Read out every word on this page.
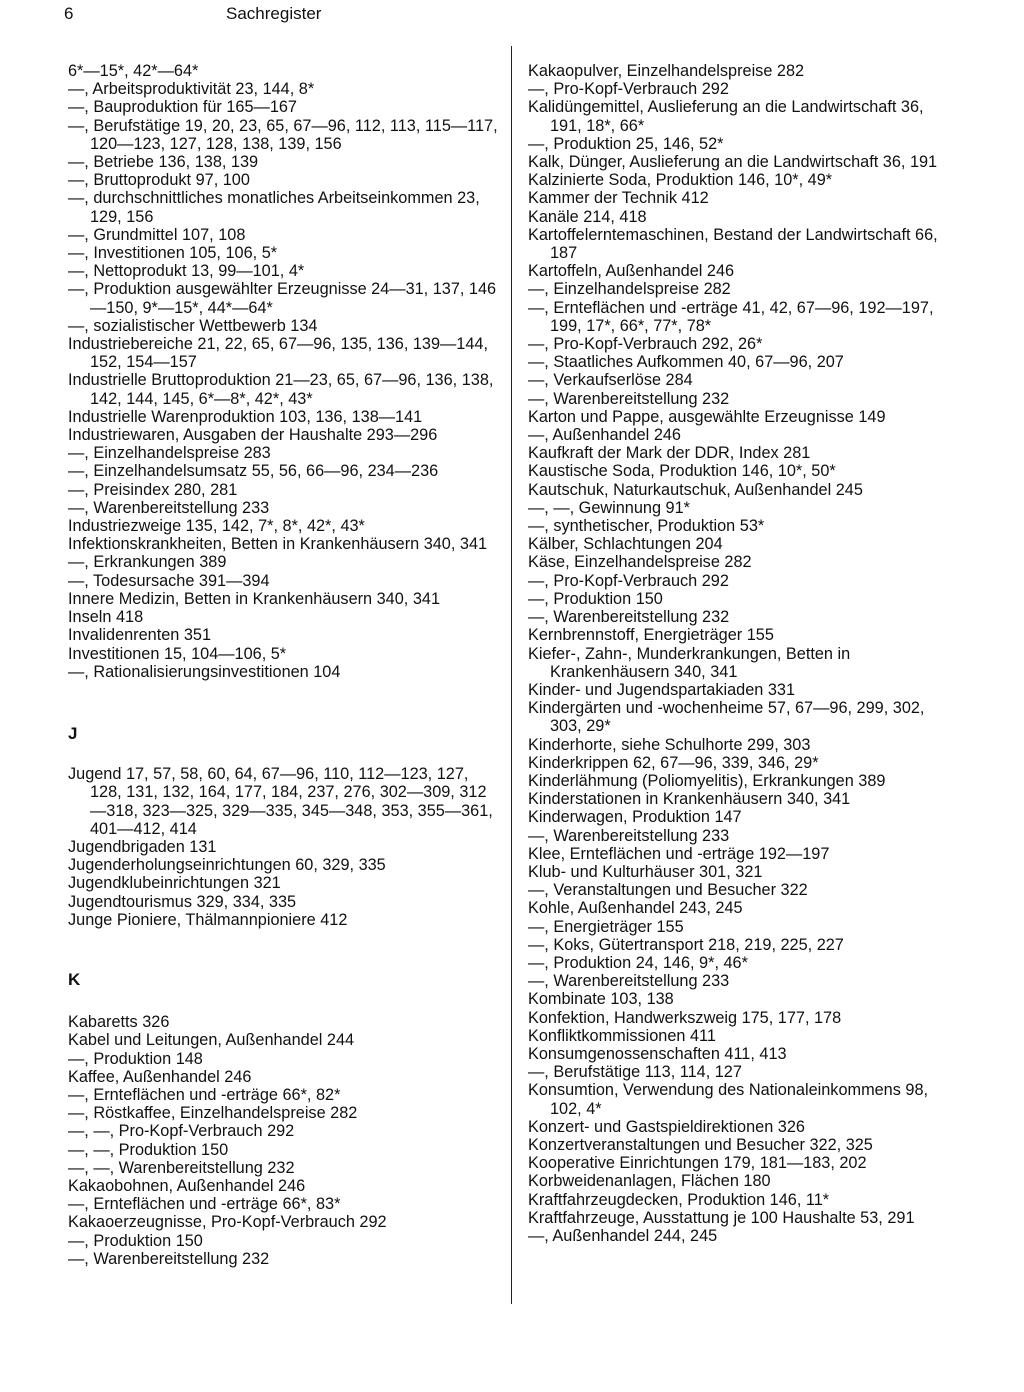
6	Sachregister
6*—15*, 42*—64*
—, Arbeitsproduktivität 23, 144, 8*
—, Bauproduktion für 165—167
—, Berufstätige 19, 20, 23, 65, 67—96, 112, 113, 115—117, 120—123, 127, 128, 138, 139, 156
—, Betriebe 136, 138, 139
—, Bruttoprodukt 97, 100
—, durchschnittliches monatliches Arbeitseinkommen 23, 129, 156
—, Grundmittel 107, 108
—, Investitionen 105, 106, 5*
—, Nettoprodukt 13, 99—101, 4*
—, Produktion ausgewählter Erzeugnisse 24—31, 137, 146—150, 9*—15*, 44*—64*
—, sozialistischer Wettbewerb 134
Industriebereiche 21, 22, 65, 67—96, 135, 136, 139—144, 152, 154—157
Industrielle Bruttoproduktion 21—23, 65, 67—96, 136, 138, 142, 144, 145, 6*—8*, 42*, 43*
Industrielle Warenproduktion 103, 136, 138—141
Industriewaren, Ausgaben der Haushalte 293—296
—, Einzelhandelspreise 283
—, Einzelhandelsumsatz 55, 56, 66—96, 234—236
—, Preisindex 280, 281
—, Warenbereitstellung 233
Industriezweige 135, 142, 7*, 8*, 42*, 43*
Infektionskrankheiten, Betten in Krankenhäusern 340, 341
—, Erkrankungen 389
—, Todesursache 391—394
Innere Medizin, Betten in Krankenhäusern 340, 341
Inseln 418
Invalidenrenten 351
Investitionen 15, 104—106, 5*
—, Rationalisierungsinvestitionen 104
J
Jugend 17, 57, 58, 60, 64, 67—96, 110, 112—123, 127, 128, 131, 132, 164, 177, 184, 237, 276, 302—309, 312—318, 323—325, 329—335, 345—348, 353, 355—361, 401—412, 414
Jugendbrigaden 131
Jugenderholungseinrichtungen 60, 329, 335
Jugendklubeinrichtungen 321
Jugendtourismus 329, 334, 335
Junge Pioniere, Thälmannpioniere 412
K
Kabaretts 326
Kabel und Leitungen, Außenhandel 244
—, Produktion 148
Kaffee, Außenhandel 246
—, Ernteflächen und -erträge 66*, 82*
—, Röstkaffee, Einzelhandelspreise 282
—, —, Pro-Kopf-Verbrauch 292
—, —, Produktion 150
—, —, Warenbereitstellung 232
Kakaobohnen, Außenhandel 246
—, Ernteflächen und -erträge 66*, 83*
Kakaoerzeugnisse, Pro-Kopf-Verbrauch 292
—, Produktion 150
—, Warenbereitstellung 232
Kakaopulver, Einzelhandelspreise 282
—, Pro-Kopf-Verbrauch 292
Kalidüngemittel, Auslieferung an die Landwirtschaft 36, 191, 18*, 66*
—, Produktion 25, 146, 52*
Kalk, Dünger, Auslieferung an die Landwirtschaft 36, 191
Kalzinierte Soda, Produktion 146, 10*, 49*
Kammer der Technik 412
Kanäle 214, 418
Kartoffelerntemaschinen, Bestand der Landwirtschaft 66, 187
Kartoffeln, Außenhandel 246
—, Einzelhandelspreise 282
—, Ernteflächen und -erträge 41, 42, 67—96, 192—197, 199, 17*, 66*, 77*, 78*
—, Pro-Kopf-Verbrauch 292, 26*
—, Staatliches Aufkommen 40, 67—96, 207
—, Verkaufserlöse 284
—, Warenbereitstellung 232
Karton und Pappe, ausgewählte Erzeugnisse 149
—, Außenhandel 246
Kaufkraft der Mark der DDR, Index 281
Kaustische Soda, Produktion 146, 10*, 50*
Kautschuk, Naturkautschuk, Außenhandel 245
—, —, Gewinnung 91*
—, synthetischer, Produktion 53*
Kälber, Schlachtungen 204
Käse, Einzelhandelspreise 282
—, Pro-Kopf-Verbrauch 292
—, Produktion 150
—, Warenbereitstellung 232
Kernbrennstoff, Energieträger 155
Kiefer-, Zahn-, Munderkrankungen, Betten in Krankenhäusern 340, 341
Kinder- und Jugendspartakiaden 331
Kindergärten und -wochenheime 57, 67—96, 299, 302, 303, 29*
Kinderhorte, siehe Schulhorte 299, 303
Kinderkrippen 62, 67—96, 339, 346, 29*
Kinderlähmung (Poliomyelitis), Erkrankungen 389
Kinderstationen in Krankenhäusern 340, 341
Kinderwagen, Produktion 147
—, Warenbereitstellung 233
Klee, Ernteflächen und -erträge 192—197
Klub- und Kulturhäuser 301, 321
—, Veranstaltungen und Besucher 322
Kohle, Außenhandel 243, 245
—, Energieträger 155
—, Koks, Gütertransport 218, 219, 225, 227
—, Produktion 24, 146, 9*, 46*
—, Warenbereitstellung 233
Kombinate 103, 138
Konfektion, Handwerkszweig 175, 177, 178
Konfliktkommissionen 411
Konsumgenossenschaften 411, 413
—, Berufstätige 113, 114, 127
Konsumtion, Verwendung des Nationaleinkommens 98, 102, 4*
Konzert- und Gastspieldirektionen 326
Konzertveranstaltungen und Besucher 322, 325
Kooperative Einrichtungen 179, 181—183, 202
Korbweidenanlagen, Flächen 180
Kraftfahrzeugdecken, Produktion 146, 11*
Kraftfahrzeuge, Ausstattung je 100 Haushalte 53, 291
—, Außenhandel 244, 245
